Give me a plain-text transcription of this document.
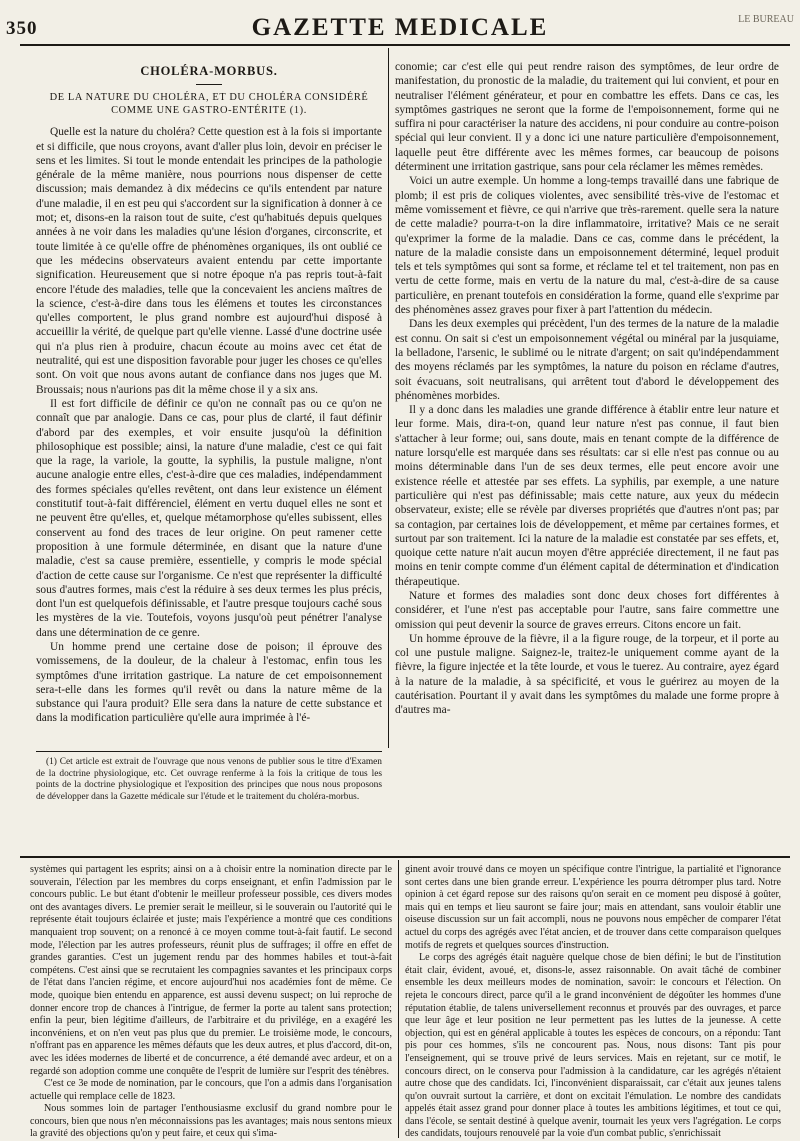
350	GAZETTE MEDICALE	LE BUREAU
CHOLÉRA-MORBUS.
DE LA NATURE DU CHOLÉRA, ET DU CHOLÉRA CONSIDÉRÉ COMME UNE GASTRO-ENTÉRITE (1).

Quelle est la nature du choléra? Cette question est à la fois si importante et si difficile, que nous croyons, avant d'aller plus loin, devoir en préciser le sens et les limites. Si tout le monde entendait les principes de la pathologie générale de la même manière, nous pourrions nous dispenser de cette discussion; mais demandez à dix médecins ce qu'ils entendent par nature d'une maladie, il en est peu qui s'accordent sur la signification à donner à ce mot; et, disons-en la raison tout de suite, c'est qu'habitués depuis quelques années à ne voir dans les maladies qu'une lésion d'organes, circonscrite, et toute limitée à ce qu'elle offre de phénomènes organiques, ils ont oublié ce que les médecins observateurs avaient entendu par cette importante signification. Heureusement que si notre époque n'a pas repris tout-à-fait encore l'étude des maladies, telle que la concevaient les anciens maîtres de la science, c'est-à-dire dans tous les élémens et toutes les circonstances qu'elles comportent, le plus grand nombre est aujourd'hui disposé à accueillir la vérité, de quelque part qu'elle vienne. Lassé d'une doctrine usée qui n'a plus rien à produire, chacun écoute au moins avec cet état de neutralité, qui est une disposition favorable pour juger les choses ce qu'elles sont. On voit que nous avons autant de confiance dans nos juges que M. Broussais; nous n'aurions pas dit la même chose il y a six ans.

Il est fort difficile de définir ce qu'on ne connaît pas ou ce qu'on ne connaît que par analogie. Dans ce cas, pour plus de clarté, il faut définir d'abord par des exemples, et voir ensuite jusqu'où la définition philosophique est possible; ainsi, la nature d'une maladie, c'est ce qui fait que la rage, la variole, la goutte, la syphilis, la pustule maligne, n'ont aucune analogie entre elles, c'est-à-dire que ces maladies, indépendamment des formes spéciales qu'elles revêtent, ont dans leur existence un élément constitutif tout-à-fait différenciel, élément en vertu duquel elles ne sont et ne peuvent être qu'elles, et, quelque métamorphose qu'elles subissent, elles conservent au fond des traces de leur origine. On peut ramener cette proposition à une formule déterminée, en disant que la nature d'une maladie, c'est sa cause première, essentielle, y compris le mode spécial d'action de cette cause sur l'organisme. Ce n'est que représenter la difficulté sous d'autres formes, mais c'est la réduire à ses deux termes les plus précis, dont l'un est quelquefois définissable, et l'autre presque toujours caché sous les mystères de la vie. Toutefois, voyons jusqu'où peut pénétrer l'analyse dans une détermination de ce genre.

Un homme prend une certaine dose de poison; il éprouve des vomissemens, de la douleur, de la chaleur à l'estomac, enfin tous les symptômes d'une irritation gastrique. La nature de cet empoisonnement sera-t-elle dans les formes qu'il revêt ou dans la nature même de la substance qui l'aura produit? Elle sera dans la nature de cette substance et dans la modification particulière qu'elle aura imprimée à l'é-

conomie; car c'est elle qui peut rendre raison des symptômes, de leur ordre de manifestation, du pronostic de la maladie, du traitement qui lui convient, et pour en neutraliser l'élément générateur, et pour en combattre les effets. Dans ce cas, les symptômes gastriques ne seront que la forme de l'empoisonnement, forme qui ne suffira ni pour caractériser la nature des accidens, ni pour conduire au contre-poison spécial qui leur convient. Il y a donc ici une nature particulière d'empoisonnement, laquelle peut être différente avec les mêmes formes, car beaucoup de poisons déterminent une irritation gastrique, sans pour cela réclamer les mêmes remèdes.

Voici un autre exemple. Un homme a long-temps travaillé dans une fabrique de plomb; il est pris de coliques violentes, avec sensibilité très-vive de l'estomac et même vomissement et fièvre, ce qui n'arrive que très-rarement. quelle sera la nature de cette maladie? pourra-t-on la dire inflammatoire, irritative? Mais ce ne serait qu'exprimer la forme de la maladie. Dans ce cas, comme dans le précédent, la nature de la maladie consiste dans un empoisonnement déterminé, lequel produit tels et tels symptômes qui sont sa forme, et réclame tel et tel traitement, non pas en vertu de cette forme, mais en vertu de la nature du mal, c'est-à-dire de sa cause particulière, en prenant toutefois en considération la forme, quand elle s'exprime par des phénomènes assez graves pour fixer à part l'attention du médecin.

Dans les deux exemples qui précèdent, l'un des termes de la nature de la maladie est connu. On sait si c'est un empoisonnement végétal ou minéral par la jusquiame, la belladone, l'arsenic, le sublimé ou le nitrate d'argent; on sait qu'indépendamment des moyens réclamés par les symptômes, la nature du poison en réclame d'autres, soit évacuans, soit neutralisans, qui arrêtent tout d'abord le développement des phénomènes morbides.

Il y a donc dans les maladies une grande différence à établir entre leur nature et leur forme. Mais, dira-t-on, quand leur nature n'est pas connue, il faut bien s'attacher à leur forme; oui, sans doute, mais en tenant compte de la différence de nature lorsqu'elle est marquée dans ses résultats: car si elle n'est pas connue ou au moins déterminable dans l'un de ses deux termes, elle peut encore avoir une existence réelle et attestée par ses effets. La syphilis, par exemple, a une nature particulière qui n'est pas définissable; mais cette nature, aux yeux du médecin observateur, existe; elle se révèle par diverses propriétés que d'autres n'ont pas; par sa contagion, par certaines lois de développement, et même par certaines formes, et surtout par son traitement. Ici la nature de la maladie est constatée par ses effets, et, quoique cette nature n'ait aucun moyen d'être appréciée directement, il ne faut pas moins en tenir compte comme d'un élément capital de détermination et d'indication thérapeutique.

Nature et formes des maladies sont donc deux choses fort différentes à considérer, et l'une n'est pas acceptable pour l'autre, sans faire commettre une omission qui peut devenir la source de graves erreurs. Citons encore un fait.

Un homme éprouve de la fièvre, il a la figure rouge, de la torpeur, et il porte au col une pustule maligne. Saignez-le, traitez-le uniquement comme ayant de la fièvre, la figure injectée et la tête lourde, et vous le tuerez. Au contraire, ayez égard à la nature de la maladie, à sa spécificité, et vous le guérirez au moyen de la cautérisation. Pourtant il y avait dans les symptômes du malade une forme propre à d'autres ma-

(1) Cet article est extrait de l'ouvrage que nous venons de publier sous le titre d'Examen de la doctrine physiologique, etc. Cet ouvrage renferme à la fois la critique de tous les points de la doctrine physiologique et l'exposition des principes que nous nous proposons de développer dans la Gazette médicale sur l'étude et le traitement du choléra-morbus.

systèmes qui partagent les esprits; ainsi on a à choisir entre la nomination directe par le souverain, l'élection par les membres du corps enseignant, et enfin l'admission par le concours public. Le but étant d'obtenir le meilleur professeur possible, ces divers modes ont des avantages divers. Le premier serait le meilleur, si le souverain ou l'autorité qui le représente était toujours éclairée et juste; mais l'expérience a montré que ces conditions manquaient trop souvent; on a renoncé à ce moyen comme tout-à-fait fautif. Le second mode, l'élection par les autres professeurs, réunit plus de suffrages; il offre en effet de grandes garanties. C'est un jugement rendu par des hommes habiles et tout-à-fait compétens. C'est ainsi que se recrutaient les compagnies savantes et les principaux corps de l'état dans l'ancien régime, et encore aujourd'hui nos académies font de même. Ce mode, quoique bien entendu en apparence, est aussi devenu suspect; on lui reproche de donner encore trop de chances à l'intrigue, de fermer la porte au talent sans protection; enfin la peur, bien légitime d'ailleurs, de l'arbitraire et du privilége, en a exagéré les inconvéniens, et on n'en veut pas plus que du premier. Le troisième mode, le concours, n'offrant pas en apparence les mêmes défauts que les deux autres, et plus d'accord, dit-on, avec les idées modernes de liberté et de concurrence, a été demandé avec ardeur, et on a regardé son adoption comme une conquête de l'esprit de lumière sur l'esprit des ténèbres.

C'est ce 3e mode de nomination, par le concours, que l'on a admis dans l'organisation actuelle qui remplace celle de 1823.

Nous sommes loin de partager l'enthousiasme exclusif du grand nombre pour le concours, bien que nous n'en méconnaissions pas les avantages; mais nous sentons mieux la gravité des objections qu'on y peut faire, et ceux qui s'ima-

ginent avoir trouvé dans ce moyen un spécifique contre l'intrigue, la partialité et l'ignorance sont certes dans une bien grande erreur. L'expérience les pourra détromper plus tard. Notre opinion à cet égard repose sur des raisons qu'on serait en ce moment peu disposé à goûter, mais qui en temps et lieu sauront se faire jour; mais en attendant, sans vouloir établir une oiseuse discussion sur un fait accompli, nous ne pouvons nous empêcher de comparer l'état actuel du corps des agrégés avec l'état ancien, et de trouver dans cette comparaison quelques motifs de regrets et quelques sources d'instruction.

Le corps des agrégés était naguère quelque chose de bien défini; le but de l'institution était clair, évident, avoué, et, disons-le, assez raisonnable. On avait tâché de combiner ensemble les deux meilleurs modes de nomination, savoir: le concours et l'élection. On rejeta le concours direct, parce qu'il a le grand inconvénient de dégoûter les hommes d'une réputation établie, de talens universellement reconnus et prouvés par des ouvrages, et parce que leur âge et leur position ne leur permettent pas les luttes de la jeunesse. A cette objection, qui est en général applicable à toutes les espèces de concours, on a répondu: Tant pis pour ces hommes, s'ils ne concourent pas. Nous, nous disons: Tant pis pour l'enseignement, qui se trouve privé de leurs services. Mais en rejetant, sur ce motif, le concours direct, on le conserva pour l'admission à la candidature, car les agrégés n'étaient autre chose que des candidats. Ici, l'inconvénient disparaissait, car c'était aux jeunes talens qu'on ouvrait surtout la carrière, et dont on excitait l'émulation. Le nombre des candidats appelés était assez grand pour donner place à toutes les ambitions légitimes, et tout ce qui, dans l'école, se sentait destiné à quelque avenir, tournait les yeux vers l'agrégation. Le corps des candidats, toujours renouvelé par la voie d'un combat public, s'enrichissait
